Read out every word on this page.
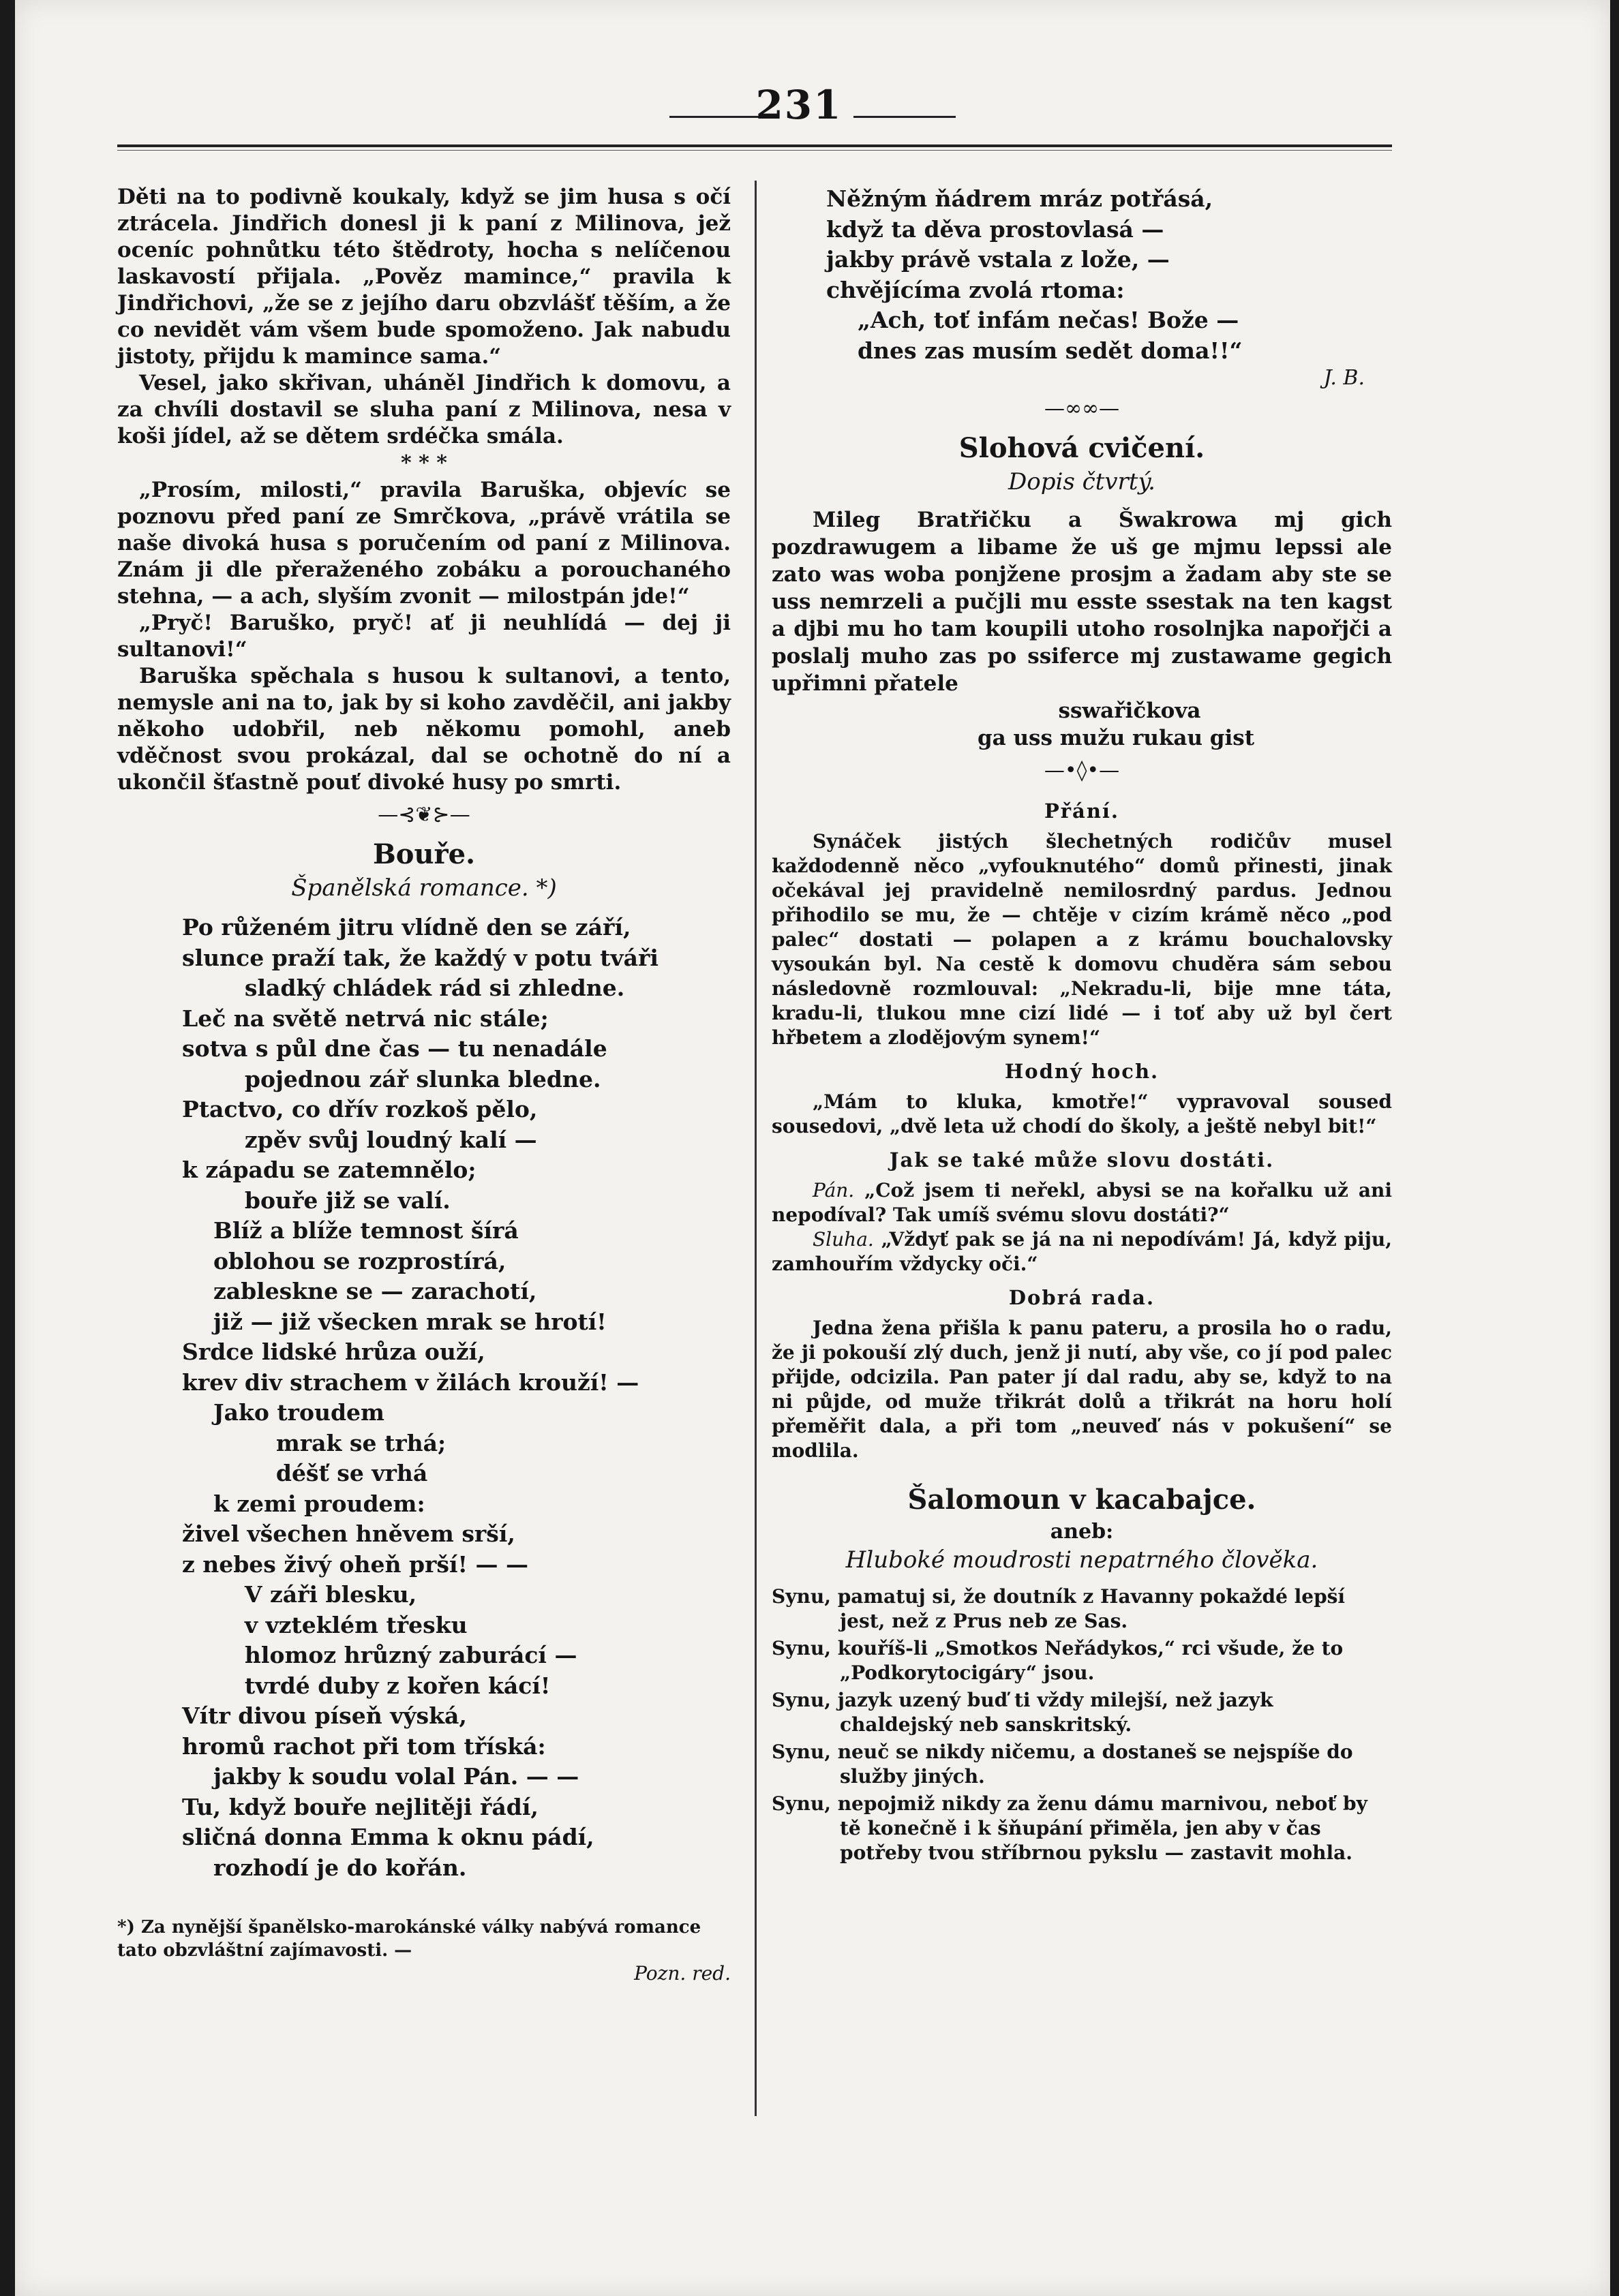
231

Děti na to podivně koukaly, když se jim husa s očí ztrácela. Jindřich donesl ji k paní z Milinova, jež oceníc pohnůtku této štědroty, hocha s nelíčenou laskavostí přijala. „Pověz mamince,“ pravila k Jindřichovi, „že se z jejího daru obzvlášť těším, a že co nevidět vám všem bude spomoženo. Jak nabudu jistoty, přijdu k mamince sama.“

Vesel, jako skřivan, uháněl Jindřich k domovu, a za chvíli dostavil se sluha paní z Milinova, nesa v koši jídel, až se dětem srdéčka smála.

* * *

„Prosím, milosti,“ pravila Baruška, objevíc se poznovu před paní ze Smrčkova, „právě vrátila se naše divoká husa s poručením od paní z Milinova. Znám ji dle přeraženého zobáku a porouchaného stehna, — a ach, slyším zvonit — milostpán jde!“

„Pryč! Baruško, pryč! ať ji neuhlídá — dej ji sultanovi!“

Baruška spěchala s husou k sultanovi, a tento, nemysle ani na to, jak by si koho zavděčil, ani jakby někoho udobřil, neb někomu pomohl, aneb vděčnost svou prokázal, dal se ochotně do ní a ukončil šťastně pouť divoké husy po smrti.

—⊰❦⊱—
Bouře.
Španělská romance. *)

Po růženém jitru vlídně den se září,

slunce praží tak, že každý v potu tváři

sladký chládek rád si zhledne.

Leč na světě netrvá nic stále;

sotva s půl dne čas — tu nenadále

pojednou zář slunka bledne.

Ptactvo, co dřív rozkoš pělo,

zpěv svůj loudný kalí —

k západu se zatemnělo;

bouře již se valí.

Blíž a blíže temnost šírá

oblohou se rozprostírá,

zableskne se — zarachotí,

již — již všecken mrak se hrotí!

Srdce lidské hrůza ouží,

krev div strachem v žilách krouží! —

Jako troudem

mrak se trhá;

déšť se vrhá

k zemi proudem:

živel všechen hněvem srší,

z nebes živý oheň prší! — —

V záři blesku,

v vzteklém třesku

hlomoz hrůzný zaburácí —

tvrdé duby z kořen kácí!

Vítr divou píseň výská,

hromů rachot při tom tříská:

jakby k soudu volal Pán. — —

Tu, když bouře nejlitěji řádí,

sličná donna Emma k oknu pádí,

rozhodí je do kořán.

*) Za nynější španělsko-marokánské války nabývá romance tato obzvláštní zajímavosti. —

Pozn. red.

Něžným ňádrem mráz potřásá,

když ta děva prostovlasá —

jakby právě vstala z lože, —

chvějícíma zvolá rtoma:

„Ach, toť infám nečas! Bože —

dnes zas musím sedět doma!!“

J. B.
—∞∞—
Slohová cvičení.
Dopis čtvrtý.

Mileg Bratřičku a Šwakrowa mj gich pozdrawugem a libame že uš ge mjmu lepssi ale zato was woba ponjžene prosjm a žadam aby ste se uss nemrzeli a pučjli mu esste ssestak na ten kagst a djbi mu ho tam koupili utoho rosolnjka napořjči a poslalj muho zas po ssiferce mj zustawame gegich upřimni přatele

sswařičkova
ga uss mužu rukau gist
—•◊•—
Přání.

Synáček jistých šlechetných rodičův musel každodenně něco „vyfouknutého“ domů přinesti, jinak očekával jej pravidelně nemilosrdný pardus. Jednou přihodilo se mu, že — chtěje v cizím krámě něco „pod palec“ dostati — polapen a z krámu bouchalovsky vysoukán byl. Na cestě k domovu chuděra sám sebou následovně rozmlouval: „Nekradu-li, bije mne táta, kradu-li, tlukou mne cizí lidé — i toť aby už byl čert hřbetem a zlodějovým synem!“

Hodný hoch.

„Mám to kluka, kmotře!“ vypravoval soused sousedovi, „dvě leta už chodí do školy, a ještě nebyl bit!“

Jak se také může slovu dostáti.

Pán. „Což jsem ti neřekl, abysi se na kořalku už ani nepodíval? Tak umíš svému slovu dostáti?“

Sluha. „Vždyť pak se já na ni nepodívám! Já, když piju, zamhouřím vždycky oči.“

Dobrá rada.

Jedna žena přišla k panu pateru, a prosila ho o radu, že ji pokouší zlý duch, jenž ji nutí, aby vše, co jí pod palec přijde, odcizila. Pan pater jí dal radu, aby se, když to na ni půjde, od mužе třikrát dolů a třikrát na horu holí přeměřit dala, a při tom „neuveď nás v pokušení“ se modlila.

Šalomoun v kacabajce.
aneb:
Hluboké moudrosti nepatrného člověka.

Synu, pamatuj si, že doutník z Havanny pokaždé lepší jest, než z Prus neb ze Sas.

Synu, kouříš-li „Smotkos Neřádykos,“ rci všude, že to „Podkorytocigáry“ jsou.

Synu, jazyk uzený buď ti vždy milejší, než jazyk chaldejský neb sanskritský.

Synu, neuč se nikdy ničemu, a dostaneš se nejspíše do služby jiných.

Synu, nepojmiž nikdy za ženu dámu marnivou, neboť by tě konečně i k šňupání přiměla, jen aby v čas potřeby tvou stříbrnou pykslu — zastavit mohla.
